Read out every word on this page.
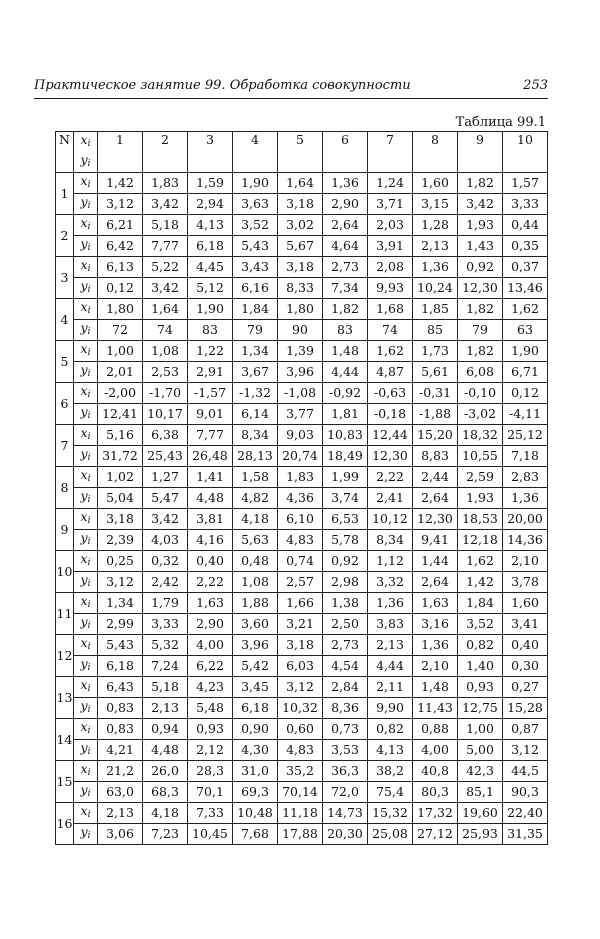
Практическое занятие 99. Обработка совокупности	253
Таблица 99.1
N	$x_i$	1	2	3	4	5	6	7	8	9	10
	$y_i$
1	$x_i$	1,42	1,83	1,59	1,90	1,64	1,36	1,24	1,60	1,82	1,57
	$y_i$	3,12	3,42	2,94	3,63	3,18	2,90	3,71	3,15	3,42	3,33
2	$x_i$	6,21	5,18	4,13	3,52	3,02	2,64	2,03	1,28	1,93	0,44
	$y_i$	6,42	7,77	6,18	5,43	5,67	4,64	3,91	2,13	1,43	0,35
3	$x_i$	6,13	5,22	4,45	3,43	3,18	2,73	2,08	1,36	0,92	0,37
	$y_i$	0,12	3,42	5,12	6,16	8,33	7,34	9,93	10,24	12,30	13,46
4	$x_i$	1,80	1,64	1,90	1,84	1,80	1,82	1,68	1,85	1,82	1,62
	$y_i$	72	74	83	79	90	83	74	85	79	63
5	$x_i$	1,00	1,08	1,22	1,34	1,39	1,48	1,62	1,73	1,82	1,90
	$y_i$	2,01	2,53	2,91	3,67	3,96	4,44	4,87	5,61	6,08	6,71
6	$x_i$	-2,00	-1,70	-1,57	-1,32	-1,08	-0,92	-0,63	-0,31	-0,10	0,12
	$y_i$	12,41	10,17	9,01	6,14	3,77	1,81	-0,18	-1,88	-3,02	-4,11
7	$x_i$	5,16	6,38	7,77	8,34	9,03	10,83	12,44	15,20	18,32	25,12
	$y_i$	31,72	25,43	26,48	28,13	20,74	18,49	12,30	8,83	10,55	7,18
8	$x_i$	1,02	1,27	1,41	1,58	1,83	1,99	2,22	2,44	2,59	2,83
	$y_i$	5,04	5,47	4,48	4,82	4,36	3,74	2,41	2,64	1,93	1,36
9	$x_i$	3,18	3,42	3,81	4,18	6,10	6,53	10,12	12,30	18,53	20,00
	$y_i$	2,39	4,03	4,16	5,63	4,83	5,78	8,34	9,41	12,18	14,36
10	$x_i$	0,25	0,32	0,40	0,48	0,74	0,92	1,12	1,44	1,62	2,10
	$y_i$	3,12	2,42	2,22	1,08	2,57	2,98	3,32	2,64	1,42	3,78
11	$x_i$	1,34	1,79	1,63	1,88	1,66	1,38	1,36	1,63	1,84	1,60
	$y_i$	2,99	3,33	2,90	3,60	3,21	2,50	3,83	3,16	3,52	3,41
12	$x_i$	5,43	5,32	4,00	3,96	3,18	2,73	2,13	1,36	0,82	0,40
	$y_i$	6,18	7,24	6,22	5,42	6,03	4,54	4,44	2,10	1,40	0,30
13	$x_i$	6,43	5,18	4,23	3,45	3,12	2,84	2,11	1,48	0,93	0,27
	$y_i$	0,83	2,13	5,48	6,18	10,32	8,36	9,90	11,43	12,75	15,28
14	$x_i$	0,83	0,94	0,93	0,90	0,60	0,73	0,82	0,88	1,00	0,87
	$y_i$	4,21	4,48	2,12	4,30	4,83	3,53	4,13	4,00	5,00	3,12
15	$x_i$	21,2	26,0	28,3	31,0	35,2	36,3	38,2	40,8	42,3	44,5
	$y_i$	63,0	68,3	70,1	69,3	70,14	72,0	75,4	80,3	85,1	90,3
16	$x_i$	2,13	4,18	7,33	10,48	11,18	14,73	15,32	17,32	19,60	22,40
	$y_i$	3,06	7,23	10,45	7,68	17,88	20,30	25,08	27,12	25,93	31,35
